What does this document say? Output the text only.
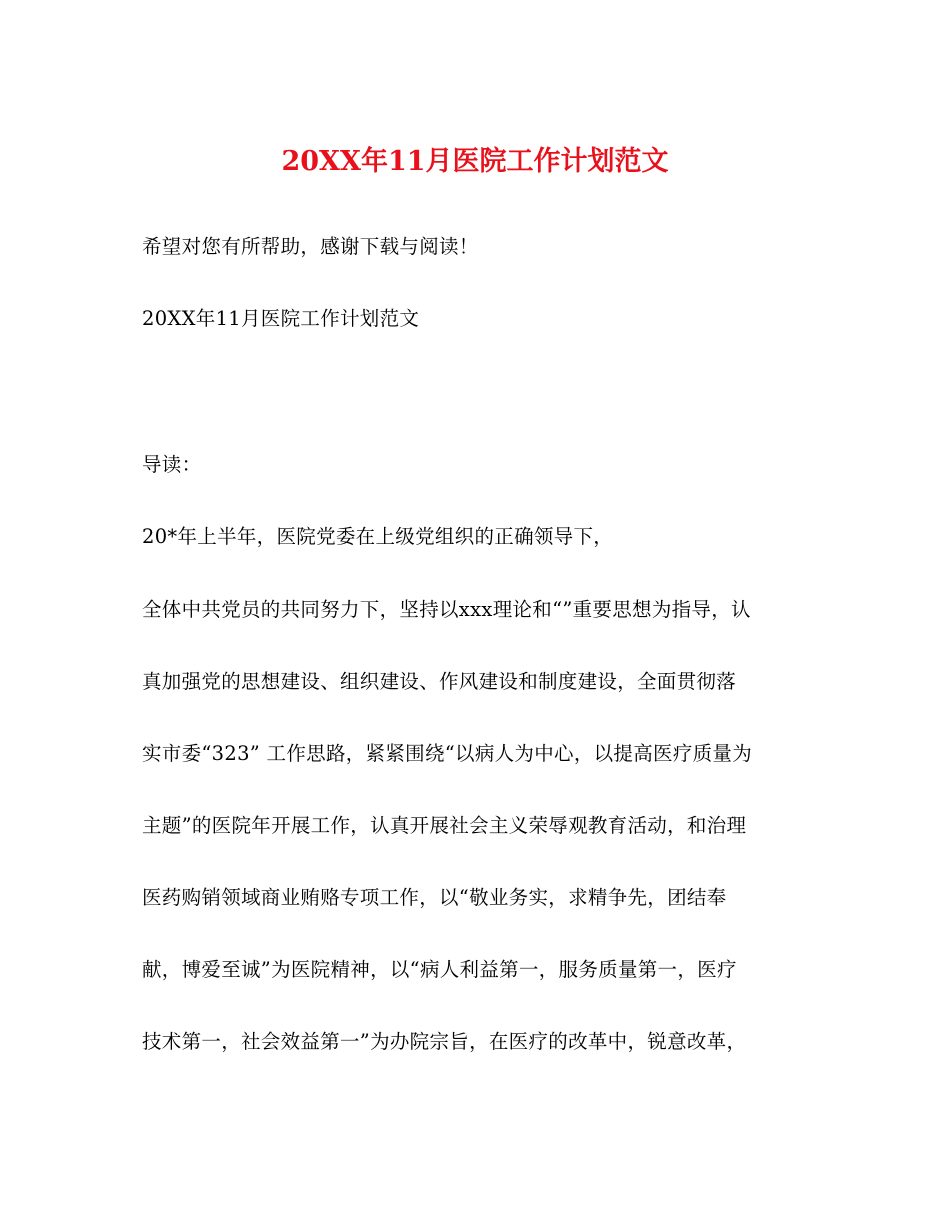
20XX年11月医院工作计划范文
希望对您有所帮助，感谢下载与阅读！
20XX年11月医院工作计划范文
导读：
20*年上半年，医院党委在上级党组织的正确领导下，
全体中共党员的共同努力下，坚持以xxx理论和“”重要思想为指导，认
真加强党的思想建设、组织建设、作风建设和制度建设，全面贯彻落
实市委“323” 工作思路，紧紧围绕“以病人为中心，以提高医疗质量为
主题”的医院年开展工作，认真开展社会主义荣辱观教育活动，和治理
医药购销领域商业贿赂专项工作，以“敬业务实，求精争先，团结奉
献，博爱至诚”为医院精神，以“病人利益第一，服务质量第一，医疗
技术第一，社会效益第一”为办院宗旨，在医疗的改革中，锐意改革，
